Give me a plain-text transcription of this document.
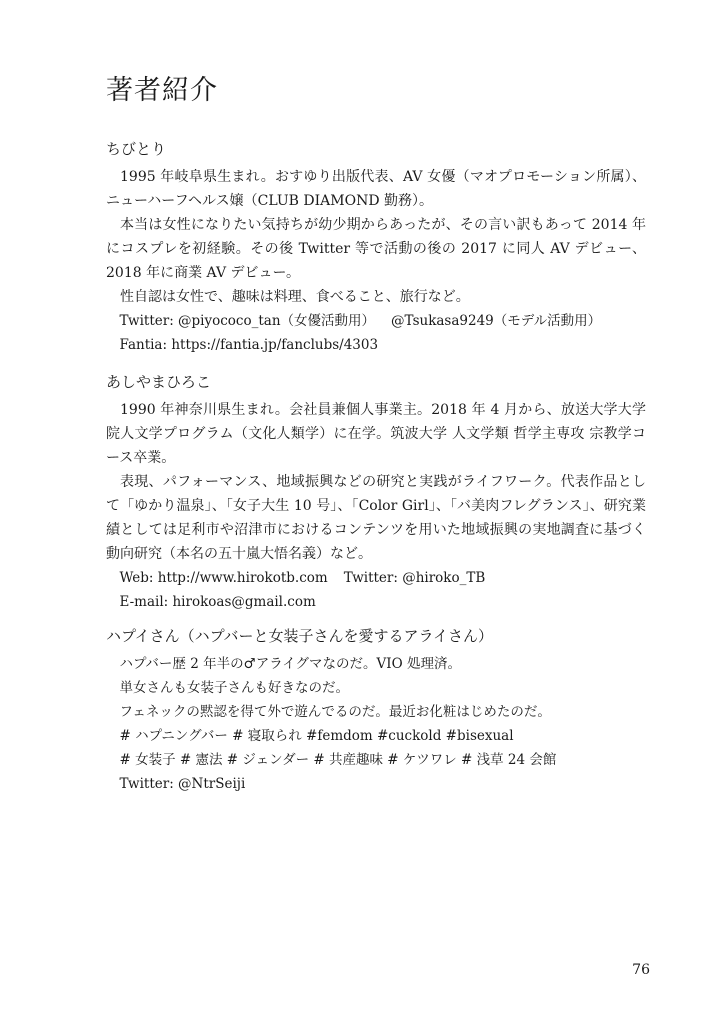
著者紹介
ちびとり

1995 年岐阜県生まれ。おすゆり出版代表、AV 女優（マオプロモーション所属）、ニューハーフヘルス嬢（CLUB DIAMOND 勤務）。

本当は女性になりたい気持ちが幼少期からあったが、その言い訳もあって 2014 年にコスプレを初経験。その後 Twitter 等で活動の後の 2017 に同人 AV デビュー、2018 年に商業 AV デビュー。

性自認は女性で、趣味は料理、食べること、旅行など。

Twitter: @piyococo_tan（女優活動用） @Tsukasa9249（モデル活動用）

Fantia: https://fantia.jp/fanclubs/4303

あしやまひろこ

1990 年神奈川県生まれ。会社員兼個人事業主。2018 年 4 月から、放送大学大学院人文学プログラム（文化人類学）に在学。筑波大学 人文学類 哲学主専攻 宗教学コース卒業。

表現、パフォーマンス、地域振興などの研究と実践がライフワーク。代表作品として「ゆかり温泉」、「女子大生 10 号」、「Color Girl」、「バ美肉フレグランス」、研究業績としては足利市や沼津市におけるコンテンツを用いた地域振興の実地調査に基づく動向研究（本名の五十嵐大悟名義）など。

Web: http://www.hirokotb.com Twitter: @hiroko_TB

E-mail: hirokoas@gmail.com

ハプイさん（ハプバーと女装子さんを愛するアライさん）

ハプバー歴 2 年半の♂アライグマなのだ。VIO 処理済。

単女さんも女装子さんも好きなのだ。

フェネックの黙認を得て外で遊んでるのだ。最近お化粧はじめたのだ。

# ハプニングバー # 寝取られ #femdom #cuckold #bisexual

# 女装子 # 憲法 # ジェンダー # 共産趣味 # ケツワレ # 浅草 24 会館

Twitter: @NtrSeiji

76
